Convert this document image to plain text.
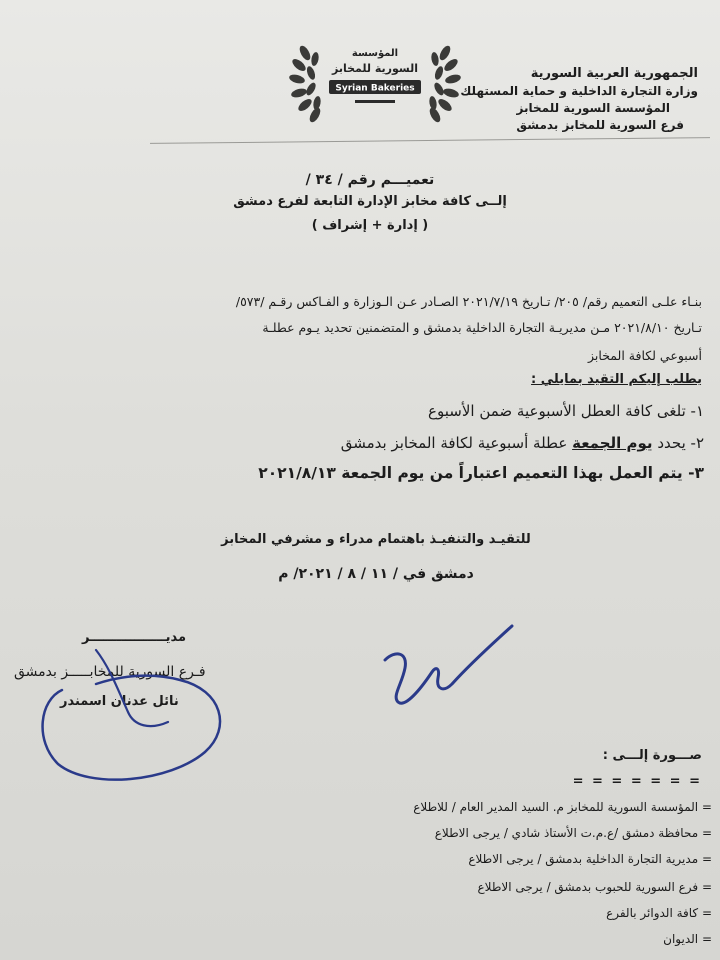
الجمهورية العربية السورية
وزارة التجارة الداخلية و حماية المستهلك
المؤسسة السورية للمخابز
فرع السورية للمخابز بدمشق
المؤسسة
السورية للمخابز
Syrian Bakeries
تعميـــم رقم / ٣٤ /
إلــى كافة مخابز الإدارة التابعة لفرع دمشق
( إدارة + إشراف )
بنـاء علـى التعميم رقم/ ٢٠٥/ تـاريخ ٢٠٢١/٧/١٩ الصـادر عـن الـوزارة و الفـاكس رقـم /٥٧٣/
تـاريخ ٢٠٢١/٨/١٠ مـن مديريـة التجارة الداخلية بدمشق و المتضمنين تحديد يـوم عطلـة
أسبوعي لكافة المخابز
يطلب إليكم التقيد بمايلي :
١- تلغى كافة العطل الأسبوعية ضمن الأسبوع
٢- يحدد يوم الجمعة عطلة أسبوعية لكافة المخابز بدمشق
٣- يتم العمل بهذا التعميم اعتباراً من يوم الجمعة ٢٠٢١/٨/١٣
للتقيـد والتنفيـذ باهتمام مدراء و مشرفي المخابز
دمشق في / ١١ / ٨ / ٢٠٢١/ م
مديـــــــــــــــــر
فـرع السورية للمخابـــــز بدمشق
نائل عدنان اسمندر
صـــورة إلـــى :
= = = = = = =
= المؤسسة السورية للمخابز م. السيد المدير العام / للاطلاع
= محافظة دمشق /ع.م.ت الأستاذ شادي / يرجى الاطلاع
= مديرية التجارة الداخلية بدمشق / يرجى الاطلاع
= فرع السورية للحبوب بدمشق / يرجى الاطلاع
= كافة الدوائر بالفرع
= الديوان
